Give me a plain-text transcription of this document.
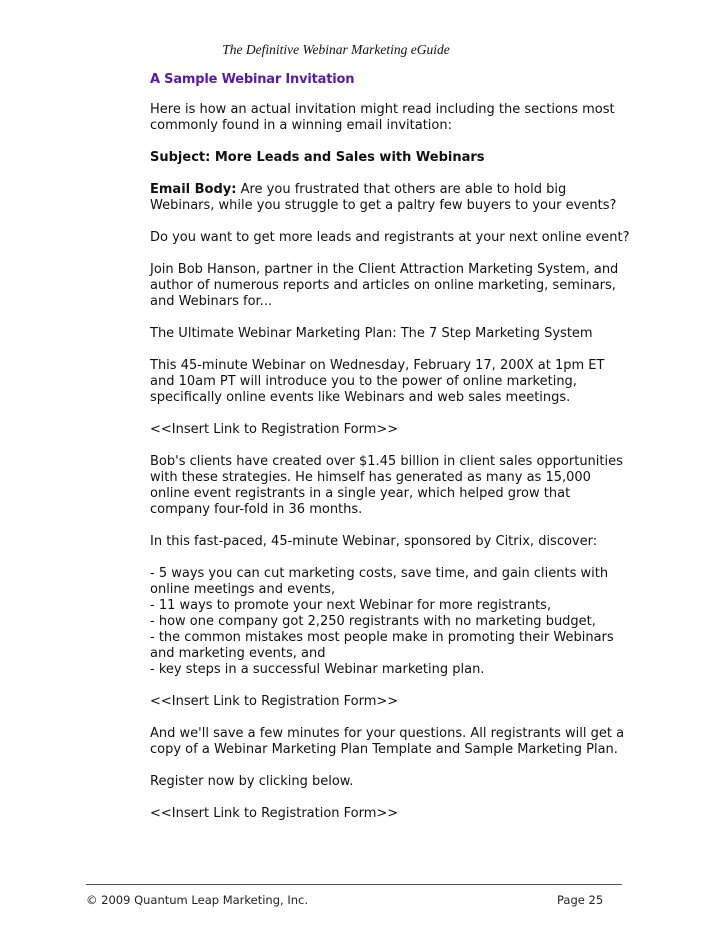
The Definitive Webinar Marketing eGuide

A Sample Webinar Invitation

Here is how an actual invitation might read including the sections most commonly found in a winning email invitation:

Subject: More Leads and Sales with Webinars

Email Body: Are you frustrated that others are able to hold big Webinars, while you struggle to get a paltry few buyers to your events?

Do you want to get more leads and registrants at your next online event?

Join Bob Hanson, partner in the Client Attraction Marketing System, and author of numerous reports and articles on online marketing, seminars, and Webinars for...

The Ultimate Webinar Marketing Plan: The 7 Step Marketing System

This 45-minute Webinar on Wednesday, February 17, 200X at 1pm ET and 10am PT will introduce you to the power of online marketing, specifically online events like Webinars and web sales meetings.

<<Insert Link to Registration Form>>

Bob's clients have created over $1.45 billion in client sales opportunities with these strategies. He himself has generated as many as 15,000 online event registrants in a single year, which helped grow that company four-fold in 36 months.

In this fast-paced, 45-minute Webinar, sponsored by Citrix, discover:

- 5 ways you can cut marketing costs, save time, and gain clients with online meetings and events,

- 11 ways to promote your next Webinar for more registrants,

- how one company got 2,250 registrants with no marketing budget,

- the common mistakes most people make in promoting their Webinars and marketing events, and

- key steps in a successful Webinar marketing plan.

<<Insert Link to Registration Form>>

And we'll save a few minutes for your questions. All registrants will get a copy of a Webinar Marketing Plan Template and Sample Marketing Plan.

Register now by clicking below.

<<Insert Link to Registration Form>>

© 2009 Quantum Leap Marketing, Inc.	Page 25
